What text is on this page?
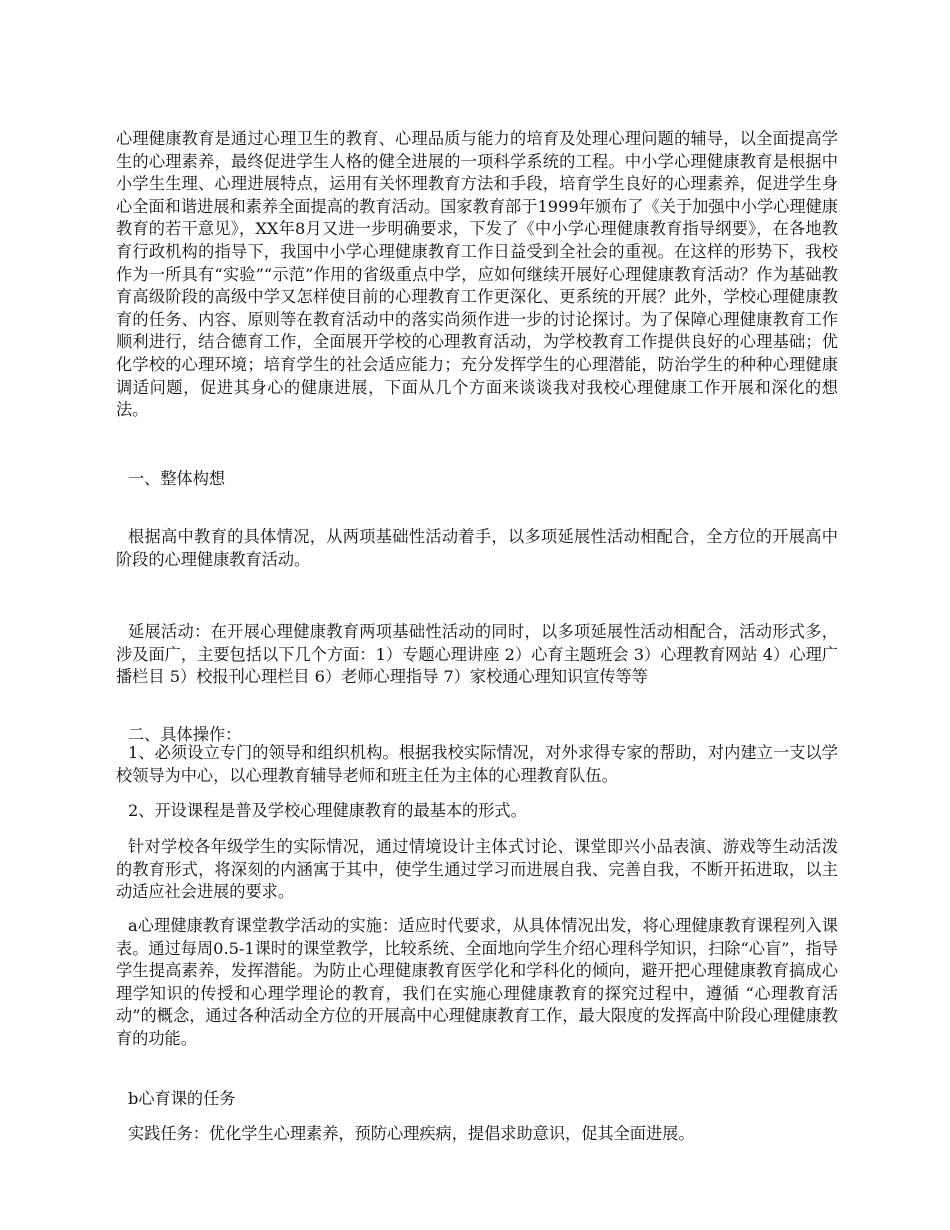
心理健康教育是通过心理卫生的教育、心理品质与能力的培育及处理心理问题的辅导，以全面提高学生的心理素养，最终促进学生人格的健全进展的一项科学系统的工程。中小学心理健康教育是根据中小学生生理、心理进展特点，运用有关怀理教育方法和手段，培育学生良好的心理素养，促进学生身心全面和谐进展和素养全面提高的教育活动。国家教育部于1999年颁布了《关于加强中小学心理健康教育的若干意见》，XX年8月又进一步明确要求，下发了《中小学心理健康教育指导纲要》，在各地教育行政机构的指导下，我国中小学心理健康教育工作日益受到全社会的重视。在这样的形势下，我校作为一所具有“实验”“示范”作用的省级重点中学，应如何继续开展好心理健康教育活动？作为基础教育高级阶段的高级中学又怎样使目前的心理教育工作更深化、更系统的开展？此外，学校心理健康教育的任务、内容、原则等在教育活动中的落实尚须作进一步的讨论探讨。为了保障心理健康教育工作顺利进行，结合德育工作，全面展开学校的心理教育活动，为学校教育工作提供良好的心理基础；优化学校的心理环境；培育学生的社会适应能力；充分发挥学生的心理潜能，防治学生的种种心理健康调适问题，促进其身心的健康进展，下面从几个方面来谈谈我对我校心理健康工作开展和深化的想法。

一、整体构想

根据高中教育的具体情况，从两项基础性活动着手，以多项延展性活动相配合，全方位的开展高中阶段的心理健康教育活动。

延展活动：在开展心理健康教育两项基础性活动的同时，以多项延展性活动相配合，活动形式多，涉及面广，主要包括以下几个方面：1）专题心理讲座 2）心育主题班会 3）心理教育网站 4）心理广播栏目 5）校报刊心理栏目 6）老师心理指导 7）家校通心理知识宣传等等

二、具体操作：

1、必须设立专门的领导和组织机构。根据我校实际情况，对外求得专家的帮助，对内建立一支以学校领导为中心，以心理教育辅导老师和班主任为主体的心理教育队伍。

2、开设课程是普及学校心理健康教育的最基本的形式。

针对学校各年级学生的实际情况，通过情境设计主体式讨论、课堂即兴小品表演、游戏等生动活泼的教育形式，将深刻的内涵寓于其中，使学生通过学习而进展自我、完善自我，不断开拓进取，以主动适应社会进展的要求。

a心理健康教育课堂教学活动的实施：适应时代要求，从具体情况出发，将心理健康教育课程列入课表。通过每周0.5-1课时的课堂教学，比较系统、全面地向学生介绍心理科学知识，扫除“心盲”，指导学生提高素养，发挥潜能。为防止心理健康教育医学化和学科化的倾向，避开把心理健康教育搞成心理学知识的传授和心理学理论的教育，我们在实施心理健康教育的探究过程中，遵循 “心理教育活动”的概念，通过各种活动全方位的开展高中心理健康教育工作，最大限度的发挥高中阶段心理健康教育的功能。

b心育课的任务

实践任务：优化学生心理素养，预防心理疾病，提倡求助意识，促其全面进展。
